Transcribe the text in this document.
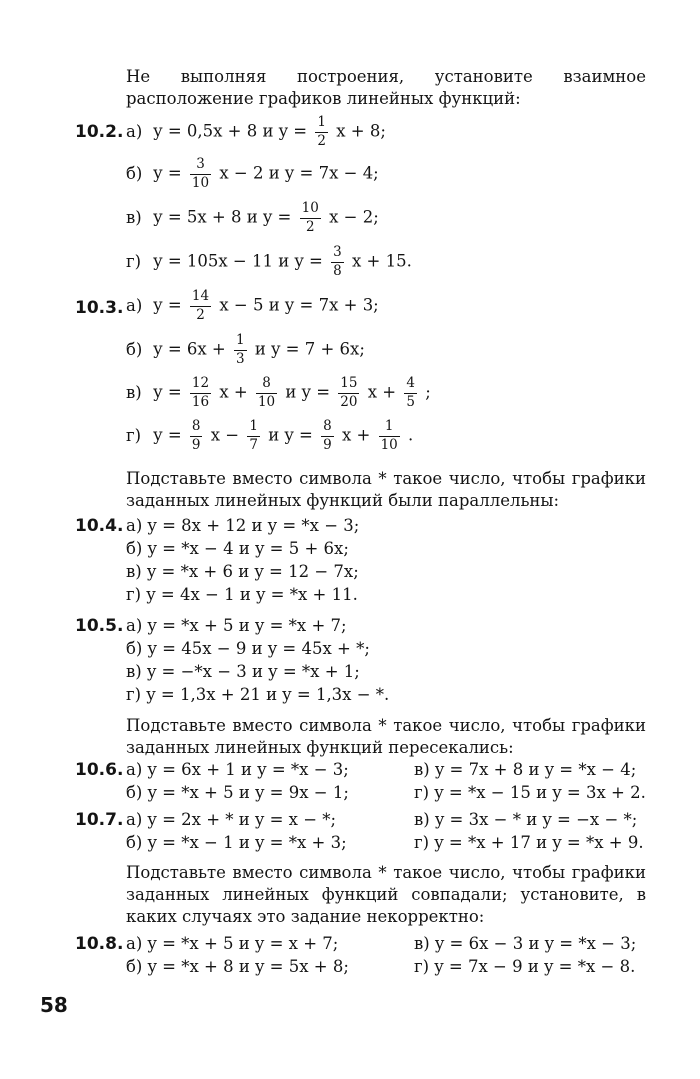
Не выполняя построения, установите взаимное расположение графиков линейных функций:
10.2. а) y = 0,5x + 8 и $y = \frac{1}{2}$ x + 8;
б) $y = \frac{3}{10}$ x − 2 и y = 7x − 4;
в) y = 5x + 8 и $y = \frac{10}{2}$ x − 2;
г) y = 105x − 11 и $y = \frac{3}{8}$ x + 15.
10.3. а) $y = \frac{14}{2}$ x − 5 и y = 7x + 3;
б) $y = 6x + \frac{1}{3}$ и y = 7 + 6x;
в) $y = \frac{12}{16}$ $x + \frac{8}{10}$ и $y = \frac{15}{20}$ $x + \frac{4}{5}$ ;
г) $y = \frac{8}{9}$ $x - \frac{1}{7}$ и $y = \frac{8}{9}$ $x + \frac{1}{10}$ .
Подставьте вместо символа * такое число, чтобы графики заданных линейных функций были параллельны:
10.4. а) y = 8x + 12 и y = *x − 3;
б) y = *x − 4 и y = 5 + 6x;
в) y = *x + 6 и y = 12 − 7x;
г) y = 4x − 1 и y = *x + 11.
10.5. а) y = *x + 5 и y = *x + 7;
б) y = 45x − 9 и y = 45x + *;
в) y = −*x − 3 и y = *x + 1;
г) y = 1,3x + 21 и y = 1,3x − *.
Подставьте вместо символа * такое число, чтобы графики заданных линейных функций пересекались:
10.6. а) y = 6x + 1 и y = *x − 3;
б) y = *x + 5 и y = 9x − 1;
в) y = 7x + 8 и y = *x − 4;
г) y = *x − 15 и y = 3x + 2.
10.7. а) y = 2x + * и y = x − *;
б) y = *x − 1 и y = *x + 3;
в) y = 3x − * и y = −x − *;
г) y = *x + 17 и y = *x + 9.
Подставьте вместо символа * такое число, чтобы графики заданных линейных функций совпадали; установите, в каких случаях это задание некорректно:
10.8. а) y = *x + 5 и y = x + 7;
б) y = *x + 8 и y = 5x + 8;
в) y = 6x − 3 и y = *x − 3;
г) y = 7x − 9 и y = *x − 8.
58
